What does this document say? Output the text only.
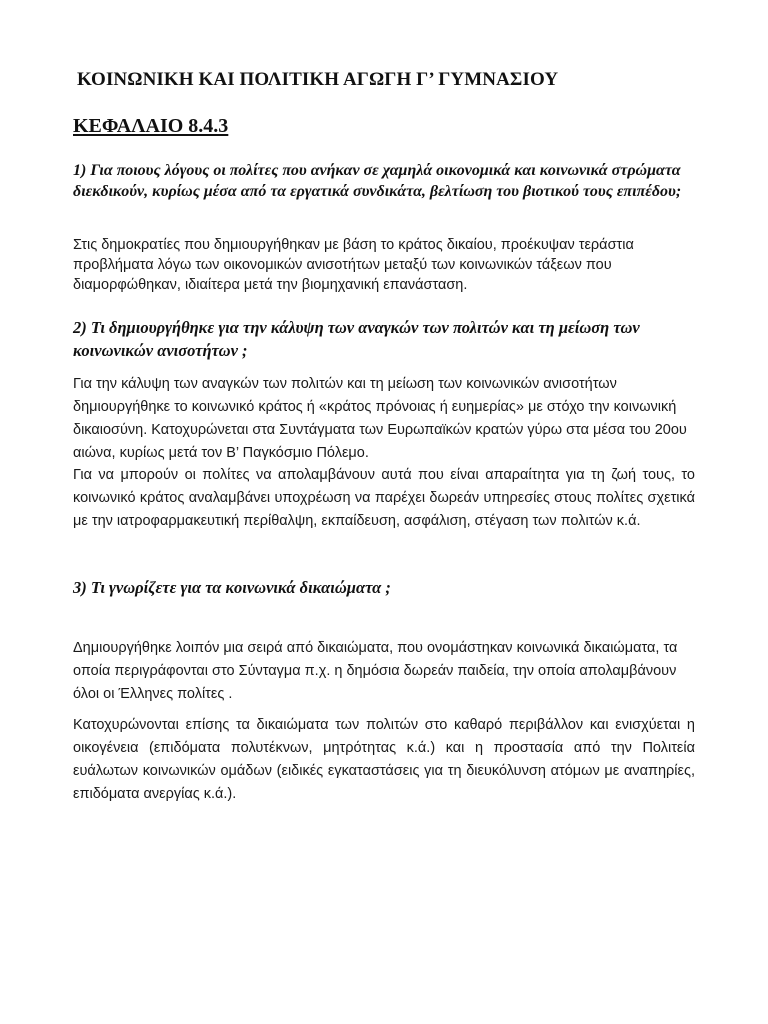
ΚΟΙΝΩΝΙΚΗ ΚΑΙ ΠΟΛΙΤΙΚΗ ΑΓΩΓΗ Γ’ ΓΥΜΝΑΣΙΟΥ
ΚΕΦΑΛΑΙΟ 8.4.3

1) Για ποιους λόγους οι πολίτες που ανήκαν σε χαμηλά οικονομικά και κοινωνικά στρώματα διεκδικούν, κυρίως μέσα από τα εργατικά συνδικάτα, βελτίωση του βιοτικού τους επιπέδου;

Στις δημοκρατίες που δημιουργήθηκαν με βάση το κράτος δικαίου, προέκυψαν τεράστια προβλήματα λόγω των οικονομικών ανισοτήτων μεταξύ των κοινωνικών τάξεων που διαμορφώθηκαν, ιδιαίτερα μετά την βιομηχανική επανάσταση.

2) Τι δημιουργήθηκε για την κάλυψη των αναγκών των πολιτών και τη μείωση των κοινωνικών ανισοτήτων ;

Για την κάλυψη των αναγκών των πολιτών και τη μείωση των κοινωνικών ανισοτήτων δημιουργήθηκε το κοινωνικό κράτος ή «κράτος πρόνοιας ή ευημερίας» με στόχο την κοινωνική δικαιοσύνη. Κατοχυρώνεται στα Συντάγματα των Ευρωπαϊκών κρατών γύρω στα μέσα του 20ου αιώνα, κυρίως μετά τον Β’ Παγκόσμιο Πόλεμο.

Για να μπορούν οι πολίτες να απολαμβάνουν αυτά που είναι απαραίτητα για τη ζωή τους, το κοινωνικό κράτος αναλαμβάνει υποχρέωση να παρέχει δωρεάν υπηρεσίες στους πολίτες σχετικά με την ιατροφαρμακευτική περίθαλψη, εκπαίδευση, ασφάλιση, στέγαση των πολιτών κ.ά.

3) Τι γνωρίζετε για τα κοινωνικά δικαιώματα ;

Δημιουργήθηκε λοιπόν μια σειρά από δικαιώματα, που ονομάστηκαν κοινωνικά δικαιώματα, τα οποία περιγράφονται στο Σύνταγμα π.χ. η δημόσια δωρεάν παιδεία, την οποία απολαμβάνουν όλοι οι Έλληνες πολίτες .

Κατοχυρώνονται επίσης τα δικαιώματα των πολιτών στο καθαρό περιβάλλον και ενισχύεται η οικογένεια (επιδόματα πολυτέκνων, μητρότητας κ.ά.) και η προστασία από την Πολιτεία ευάλωτων κοινωνικών ομάδων (ειδικές εγκαταστάσεις για τη διευκόλυνση ατόμων με αναπηρίες, επιδόματα ανεργίας κ.ά.).
